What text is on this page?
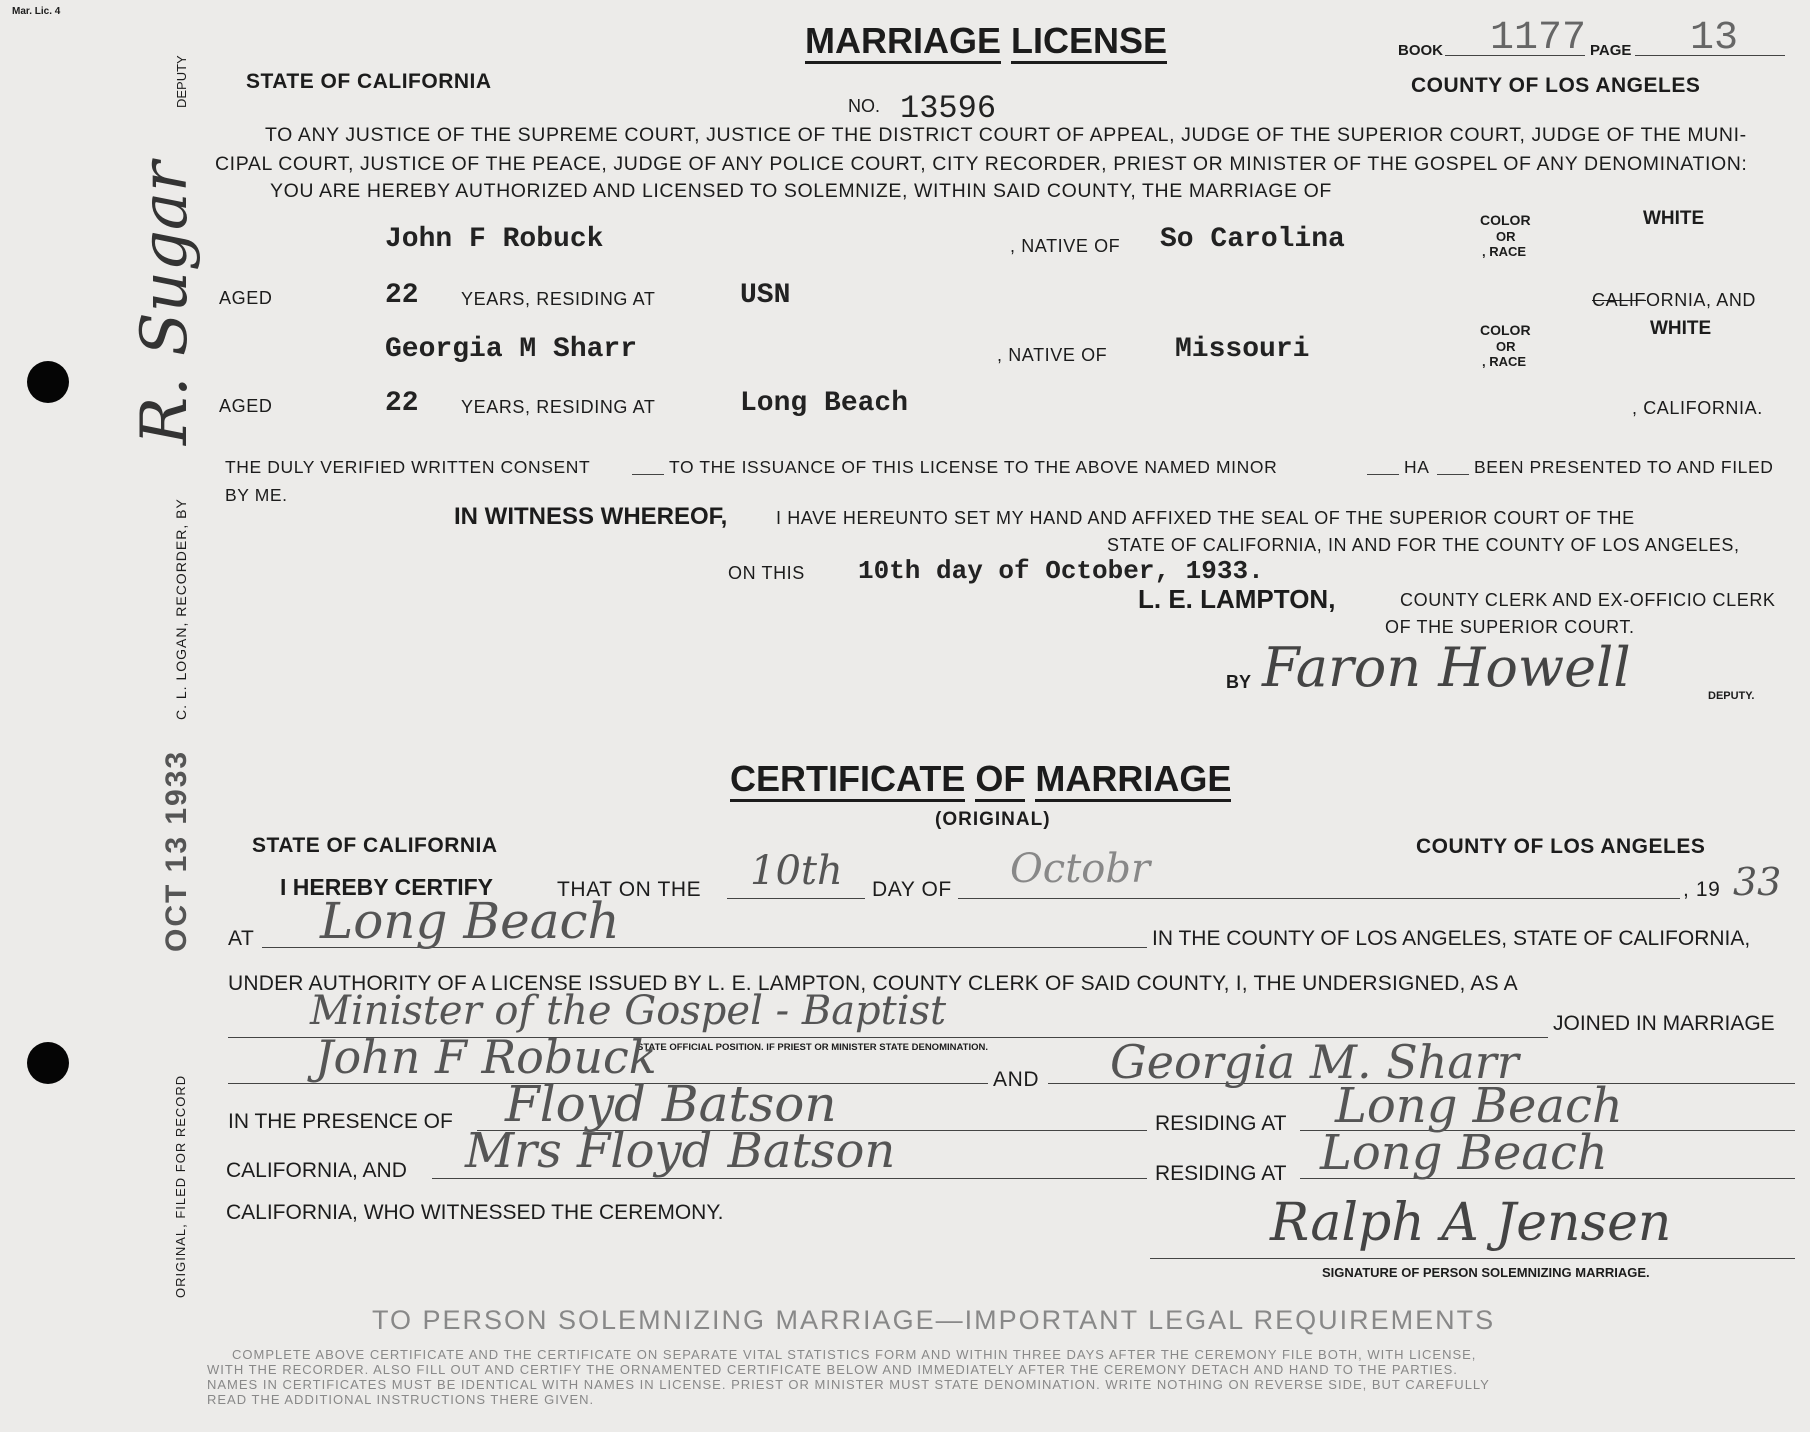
Mar. Lic. 4
DEPUTY
C. L. LOGAN, RECORDER, BY
R. Sugar
OCT 13 1933
ORIGINAL, FILED FOR RECORD
MARRIAGE LICENSE	BOOK 1177 PAGE 13
STATE OF CALIFORNIA	COUNTY OF LOS ANGELES
NO. 13596
TO ANY JUSTICE OF THE SUPREME COURT, JUSTICE OF THE DISTRICT COURT OF APPEAL, JUDGE OF THE SUPERIOR COURT, JUDGE OF THE MUNI-
CIPAL COURT, JUSTICE OF THE PEACE, JUDGE OF ANY POLICE COURT, CITY RECORDER, PRIEST OR MINISTER OF THE GOSPEL OF ANY DENOMINATION:
YOU ARE HEREBY AUTHORIZED AND LICENSED TO SOLEMNIZE, WITHIN SAID COUNTY, THE MARRIAGE OF
John F Robuck	, NATIVE OF So Carolina
COLOR
OR
, RACE
WHITE
AGED	22 YEARS, RESIDING AT	USN	CALIFORNIA, AND
Georgia M Sharr	, NATIVE OF Missouri
COLOR
OR
, RACE
WHITE
AGED	22 YEARS, RESIDING AT	Long Beach	, CALIFORNIA.
THE DULY VERIFIED WRITTEN CONSENT	TO THE ISSUANCE OF THIS LICENSE TO THE ABOVE NAMED MINOR	HA	BEEN PRESENTED TO AND FILED
BY ME.
IN WITNESS WHEREOF,	I HAVE HEREUNTO SET MY HAND AND AFFIXED THE SEAL OF THE SUPERIOR COURT OF THE
STATE OF CALIFORNIA, IN AND FOR THE COUNTY OF LOS ANGELES,
ON THIS 10th day of October, 1933.
L. E. LAMPTON,	COUNTY CLERK AND EX-OFFICIO CLERK
OF THE SUPERIOR COURT.
BY Faron Howell	DEPUTY.
CERTIFICATE OF MARRIAGE
(ORIGINAL)
STATE OF CALIFORNIA	COUNTY OF LOS ANGELES
I HEREBY CERTIFY	THAT ON THE 10th DAY OF Octobr	, 19 33
AT Long Beach	IN THE COUNTY OF LOS ANGELES, STATE OF CALIFORNIA,
UNDER AUTHORITY OF A LICENSE ISSUED BY L. E. LAMPTON, COUNTY CLERK OF SAID COUNTY, I, THE UNDERSIGNED, AS A
Minister of the Gospel - Baptist	JOINED IN MARRIAGE
STATE OFFICIAL POSITION. IF PRIEST OR MINISTER STATE DENOMINATION.
John F Robuck	AND Georgia M. Sharr
IN THE PRESENCE OF Floyd Batson	RESIDING AT Long Beach
CALIFORNIA, AND Mrs Floyd Batson	RESIDING AT Long Beach
CALIFORNIA, WHO WITNESSED THE CEREMONY.	Ralph A Jensen
SIGNATURE OF PERSON SOLEMNIZING MARRIAGE.
TO PERSON SOLEMNIZING MARRIAGE—IMPORTANT LEGAL REQUIREMENTS
COMPLETE ABOVE CERTIFICATE AND THE CERTIFICATE ON SEPARATE VITAL STATISTICS FORM AND WITHIN THREE DAYS AFTER THE CEREMONY FILE BOTH, WITH LICENSE,
WITH THE RECORDER. ALSO FILL OUT AND CERTIFY THE ORNAMENTED CERTIFICATE BELOW AND IMMEDIATELY AFTER THE CEREMONY DETACH AND HAND TO THE PARTIES.
NAMES IN CERTIFICATES MUST BE IDENTICAL WITH NAMES IN LICENSE. PRIEST OR MINISTER MUST STATE DENOMINATION. WRITE NOTHING ON REVERSE SIDE, BUT CAREFULLY
READ THE ADDITIONAL INSTRUCTIONS THERE GIVEN.
